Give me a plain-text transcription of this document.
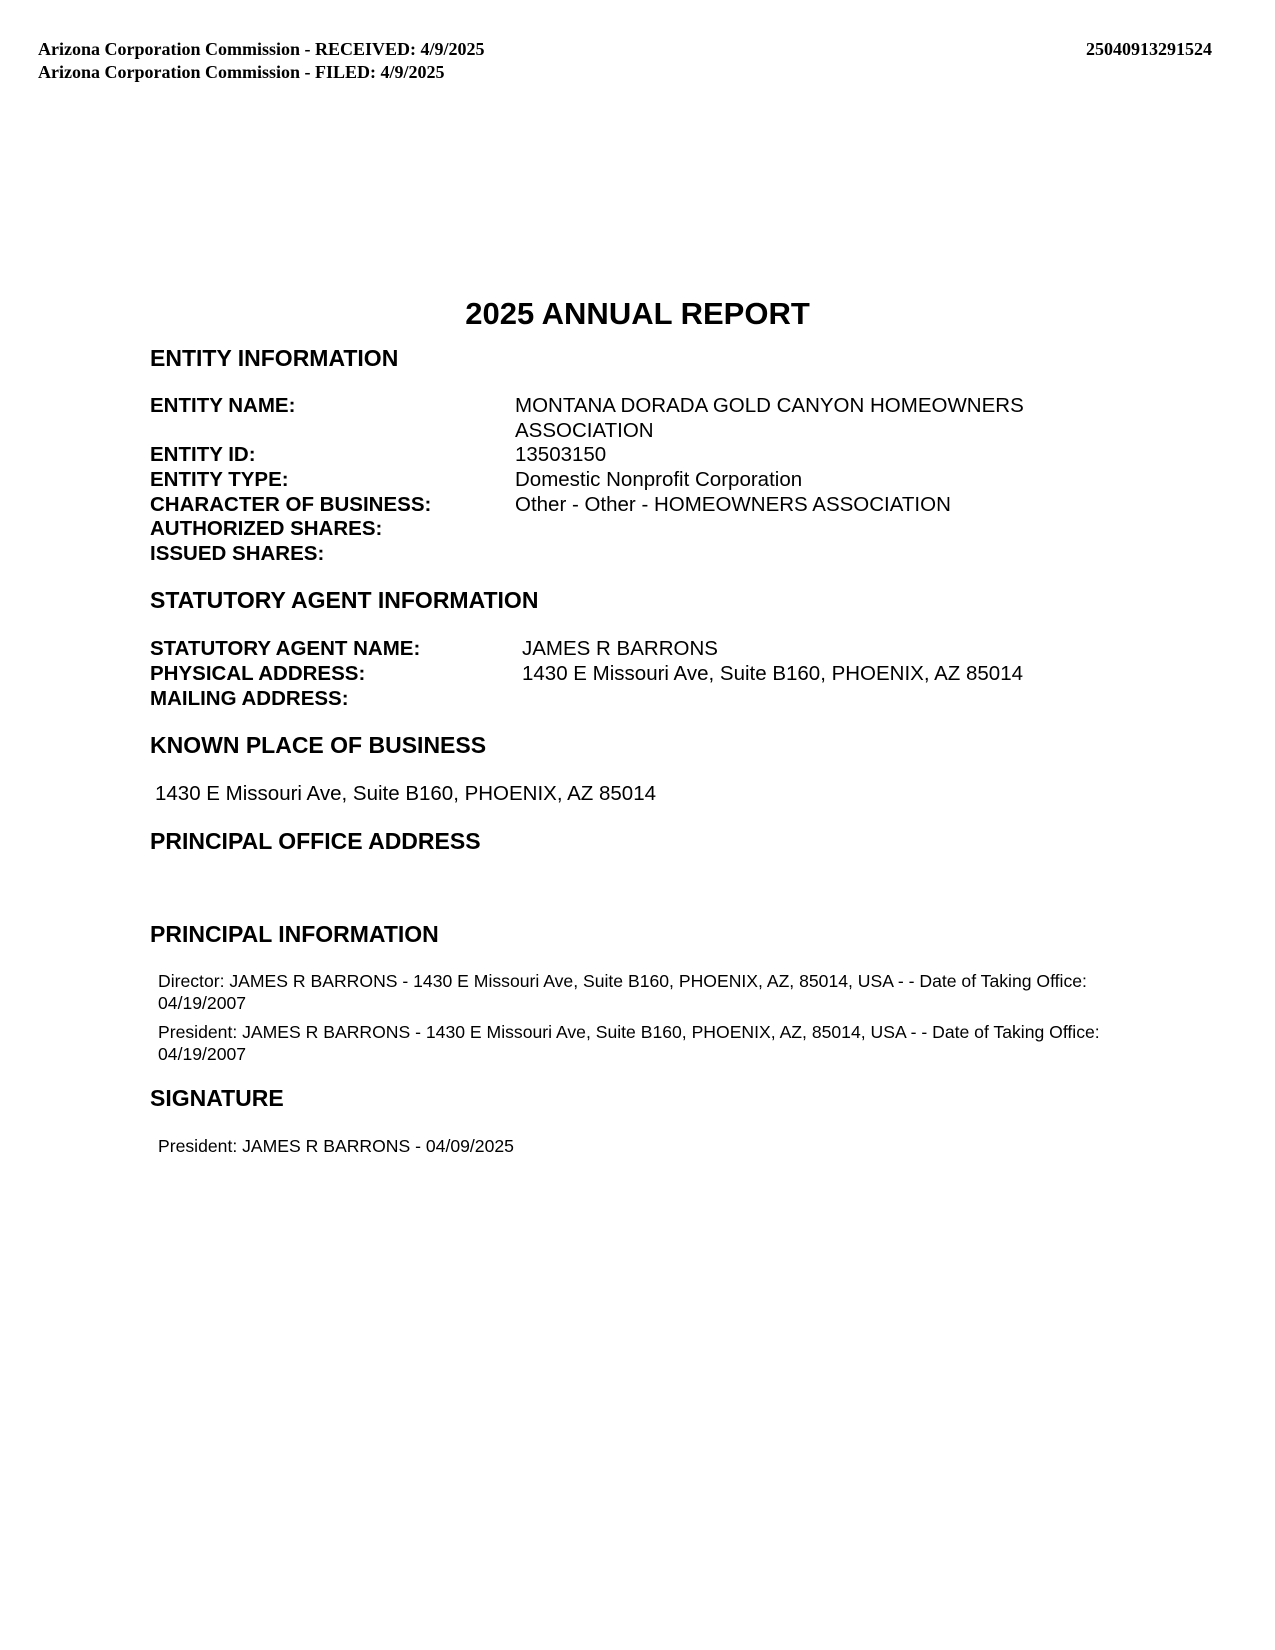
Arizona Corporation Commission - RECEIVED: 4/9/2025
Arizona Corporation Commission - FILED: 4/9/2025
25040913291524
2025 ANNUAL REPORT
ENTITY INFORMATION
ENTITY NAME:	MONTANA DORADA GOLD CANYON HOMEOWNERS
ASSOCIATION
ENTITY ID:	13503150
ENTITY TYPE:	Domestic Nonprofit Corporation
CHARACTER OF BUSINESS:	Other - Other - HOMEOWNERS ASSOCIATION
AUTHORIZED SHARES:
ISSUED SHARES:
STATUTORY AGENT INFORMATION
STATUTORY AGENT NAME:	JAMES R BARRONS
PHYSICAL ADDRESS:	1430 E Missouri Ave, Suite B160, PHOENIX, AZ 85014
MAILING ADDRESS:
KNOWN PLACE OF BUSINESS
1430 E Missouri Ave, Suite B160, PHOENIX, AZ 85014
PRINCIPAL OFFICE ADDRESS
PRINCIPAL INFORMATION
Director: JAMES R BARRONS - 1430 E Missouri Ave, Suite B160, PHOENIX, AZ, 85014, USA - - Date of Taking Office: 04/19/2007
President: JAMES R BARRONS - 1430 E Missouri Ave, Suite B160, PHOENIX, AZ, 85014, USA - - Date of Taking Office: 04/19/2007
SIGNATURE
President: JAMES R BARRONS - 04/09/2025
